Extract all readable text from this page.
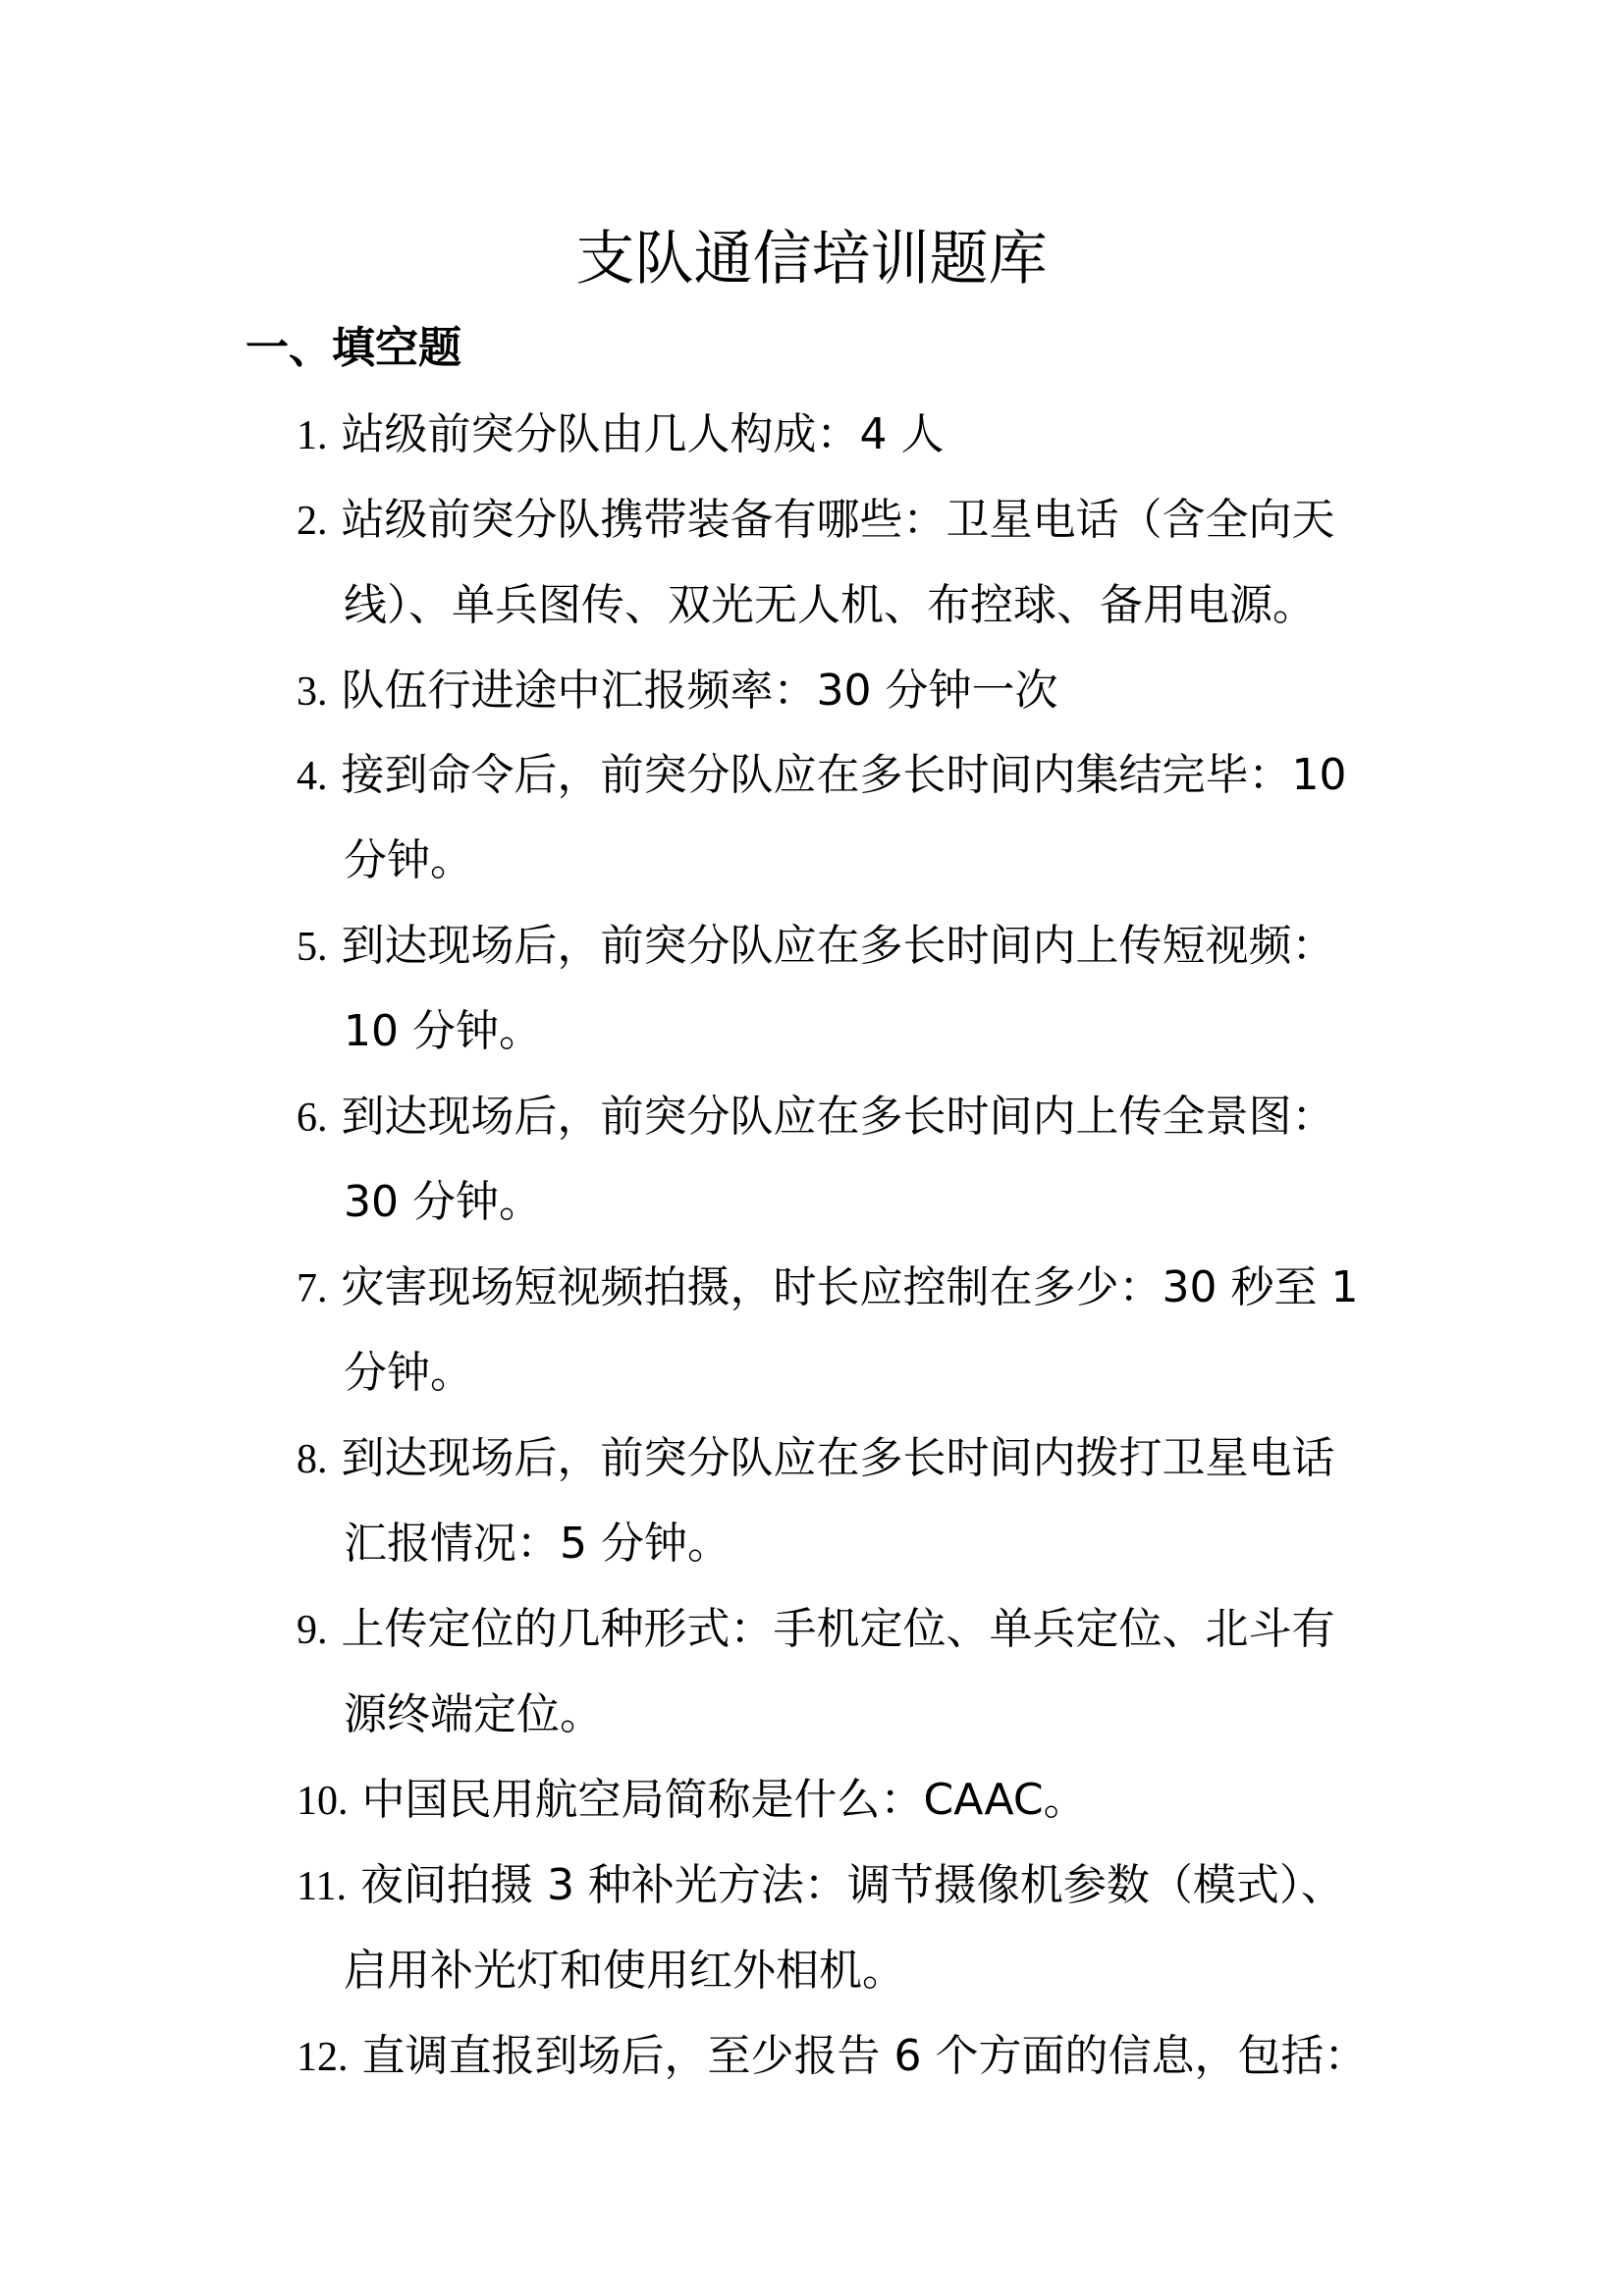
支队通信培训题库
一、填空题
1. 站级前突分队由几人构成：4 人
2. 站级前突分队携带装备有哪些：卫星电话（含全向天
线）、单兵图传、双光无人机、布控球、备用电源。
3. 队伍行进途中汇报频率：30 分钟一次
4. 接到命令后，前突分队应在多长时间内集结完毕：10
分钟。
5. 到达现场后，前突分队应在多长时间内上传短视频：
10 分钟。
6. 到达现场后，前突分队应在多长时间内上传全景图：
30 分钟。
7. 灾害现场短视频拍摄，时长应控制在多少：30 秒至 1
分钟。
8. 到达现场后，前突分队应在多长时间内拨打卫星电话
汇报情况：5 分钟。
9. 上传定位的几种形式：手机定位、单兵定位、北斗有
源终端定位。
10. 中国民用航空局简称是什么：CAAC。
11. 夜间拍摄 3 种补光方法：调节摄像机参数（模式）、
启用补光灯和使用红外相机。
12. 直调直报到场后，至少报告 6 个方面的信息，包括：
